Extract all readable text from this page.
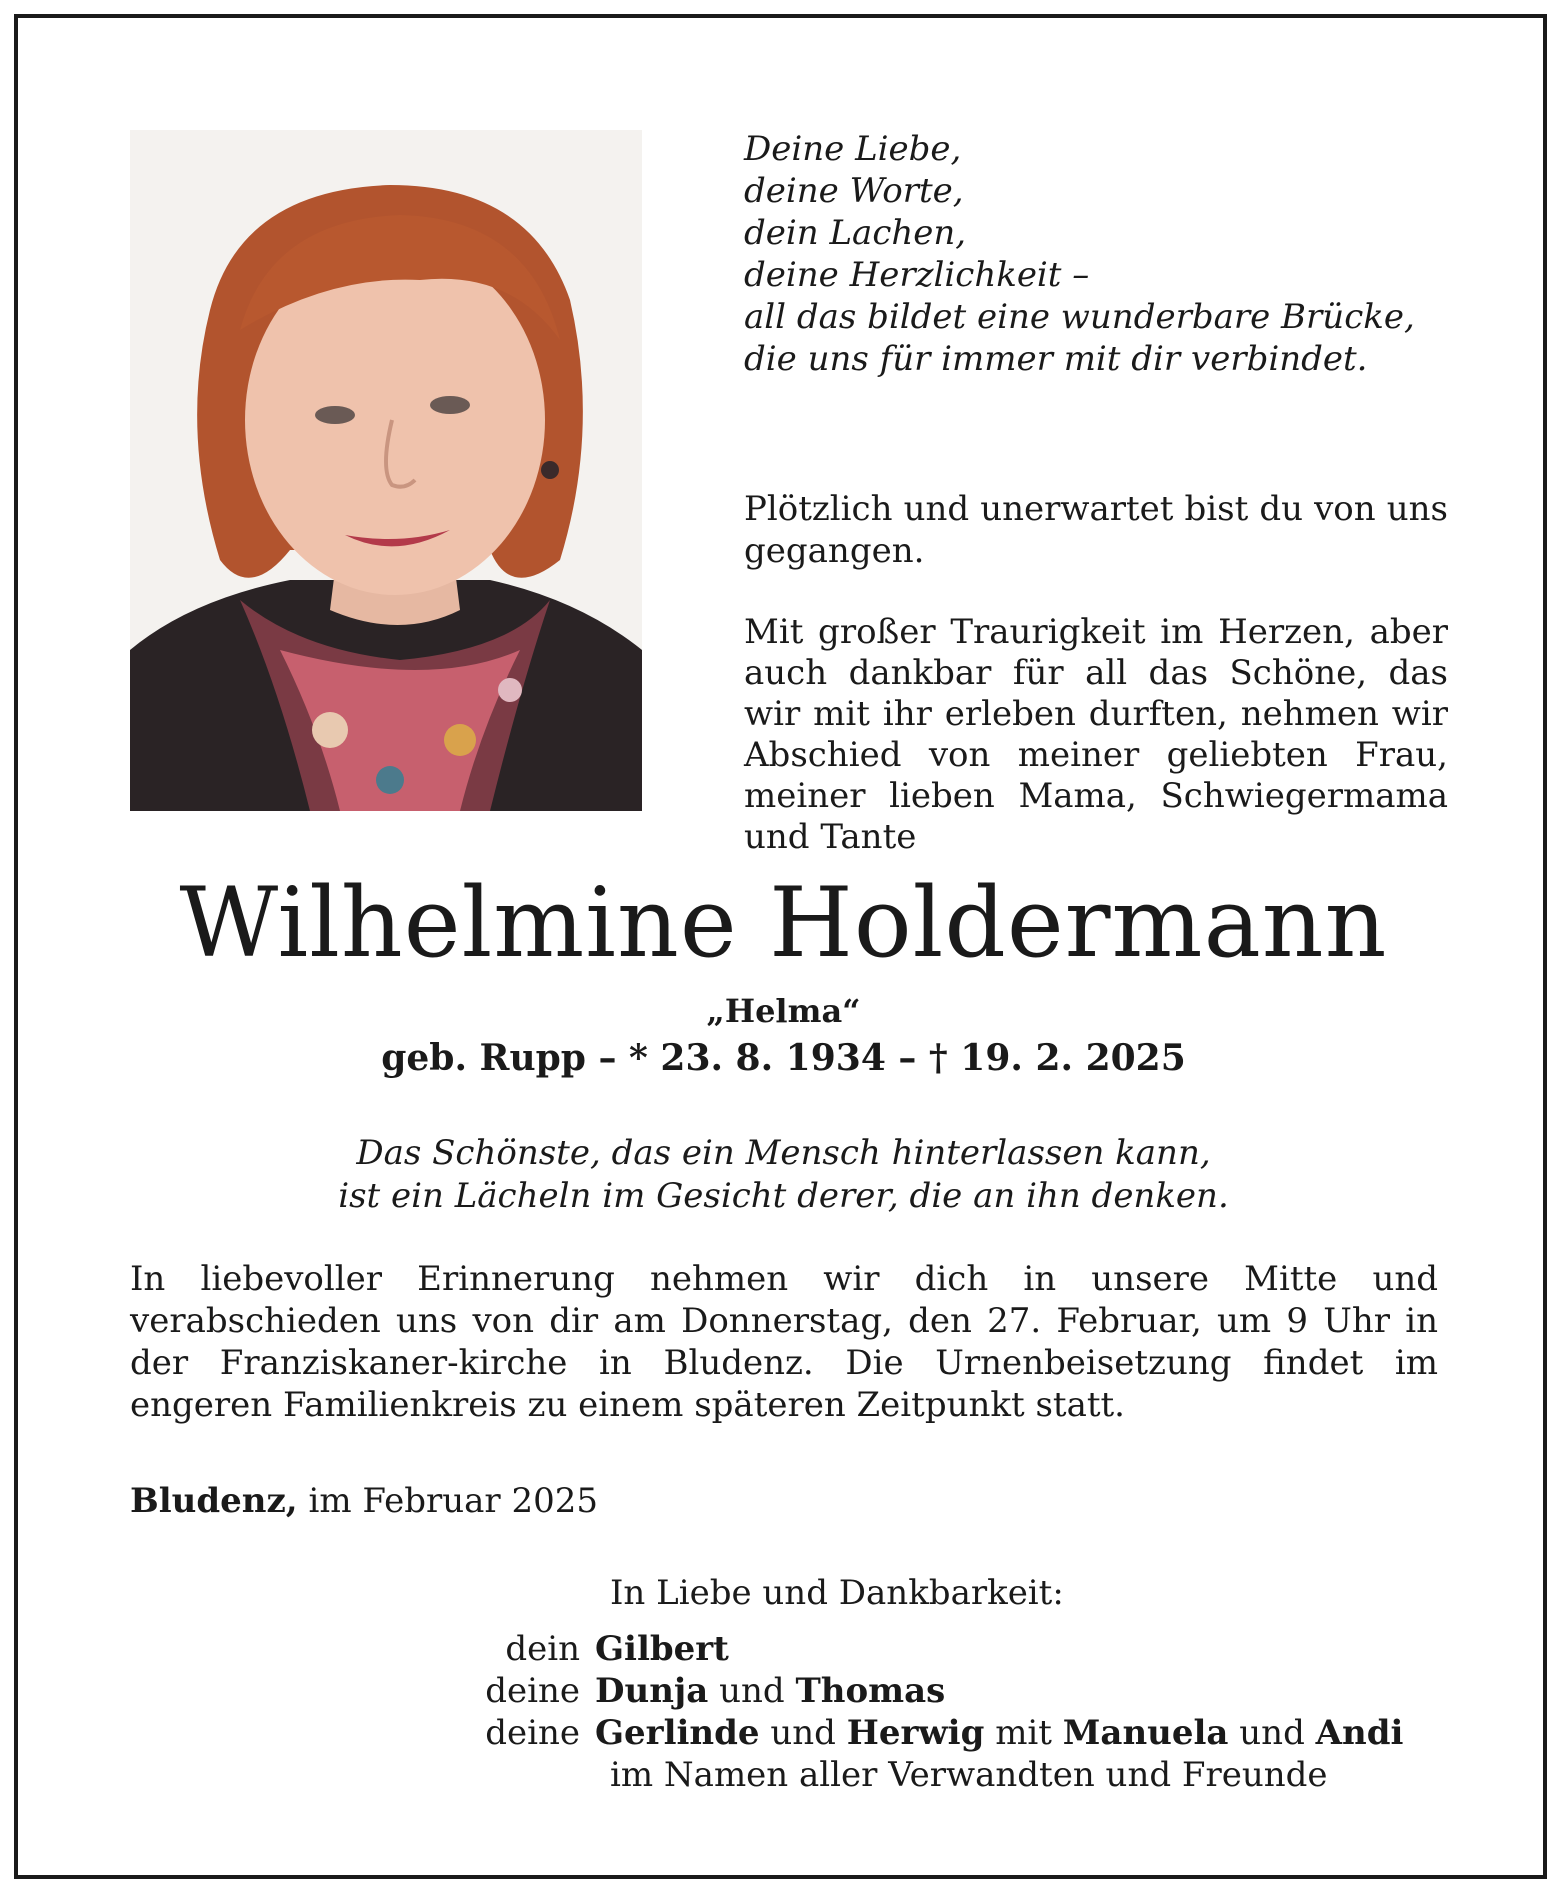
Deine Liebe,
deine Worte,
dein Lachen,
deine Herzlichkeit –
all das bildet eine wunderbare Brücke,
die uns für immer mit dir verbindet.
Plötzlich und unerwartet bist du von uns gegangen.
Mit großer Traurigkeit im Herzen, aber auch dankbar für all das Schöne, das wir mit ihr erleben durften, nehmen wir Abschied von meiner geliebten Frau, meiner lieben Mama, Schwiegermama und Tante
Wilhelmine Holdermann
„Helma“
geb. Rupp – * 23. 8. 1934 – † 19. 2. 2025
Das Schönste, das ein Mensch hinterlassen kann,
ist ein Lächeln im Gesicht derer, die an ihn denken.
In liebevoller Erinnerung nehmen wir dich in unsere Mitte und verabschieden uns von dir am Donnerstag, den 27. Februar, um 9 Uhr in der Franziskaner-kirche in Bludenz. Die Urnenbeisetzung findet im engeren Familienkreis zu einem späteren Zeitpunkt statt.
Bludenz, im Februar 2025
In Liebe und Dankbarkeit:
dein Gilbert
deine Dunja und Thomas
deine Gerlinde und Herwig mit Manuela und Andi
im Namen aller Verwandten und Freunde
